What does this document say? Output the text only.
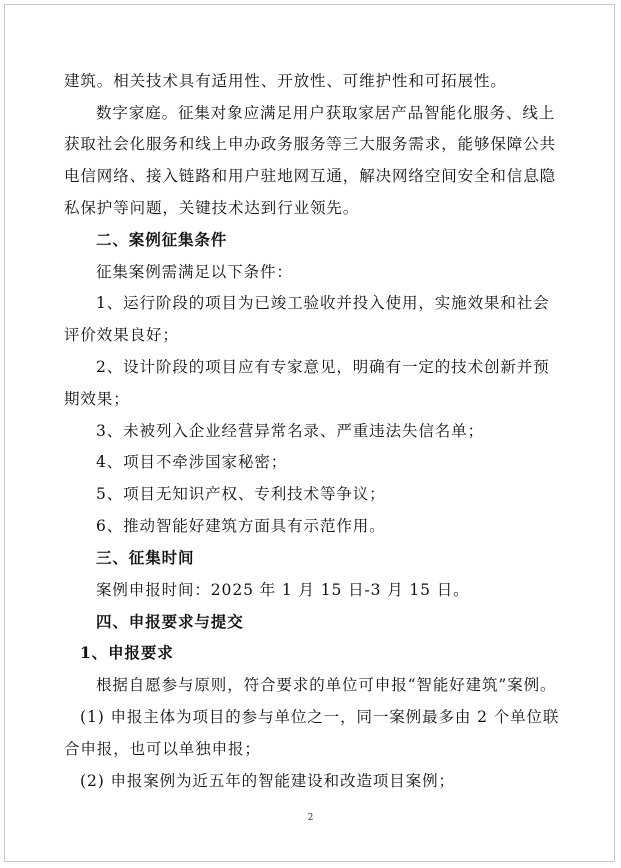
建筑。相关技术具有适用性、开放性、可维护性和可拓展性。
数字家庭。征集对象应满足用户获取家居产品智能化服务、线上
获取社会化服务和线上申办政务服务等三大服务需求，能够保障公共
电信网络、接入链路和用户驻地网互通，解决网络空间安全和信息隐
私保护等问题，关键技术达到行业领先。
二、案例征集条件
征集案例需满足以下条件：
1、运行阶段的项目为已竣工验收并投入使用，实施效果和社会
评价效果良好；
2、设计阶段的项目应有专家意见，明确有一定的技术创新并预
期效果；
3、未被列入企业经营异常名录、严重违法失信名单；
4、项目不牵涉国家秘密；
5、项目无知识产权、专利技术等争议；
6、推动智能好建筑方面具有示范作用。
三、征集时间
案例申报时间：2025 年 1 月 15 日-3 月 15 日。
四、申报要求与提交
1、申报要求
根据自愿参与原则，符合要求的单位可申报“智能好建筑”案例。
(1) 申报主体为项目的参与单位之一，同一案例最多由 2 个单位联
合申报，也可以单独申报；
(2) 申报案例为近五年的智能建设和改造项目案例；
2
